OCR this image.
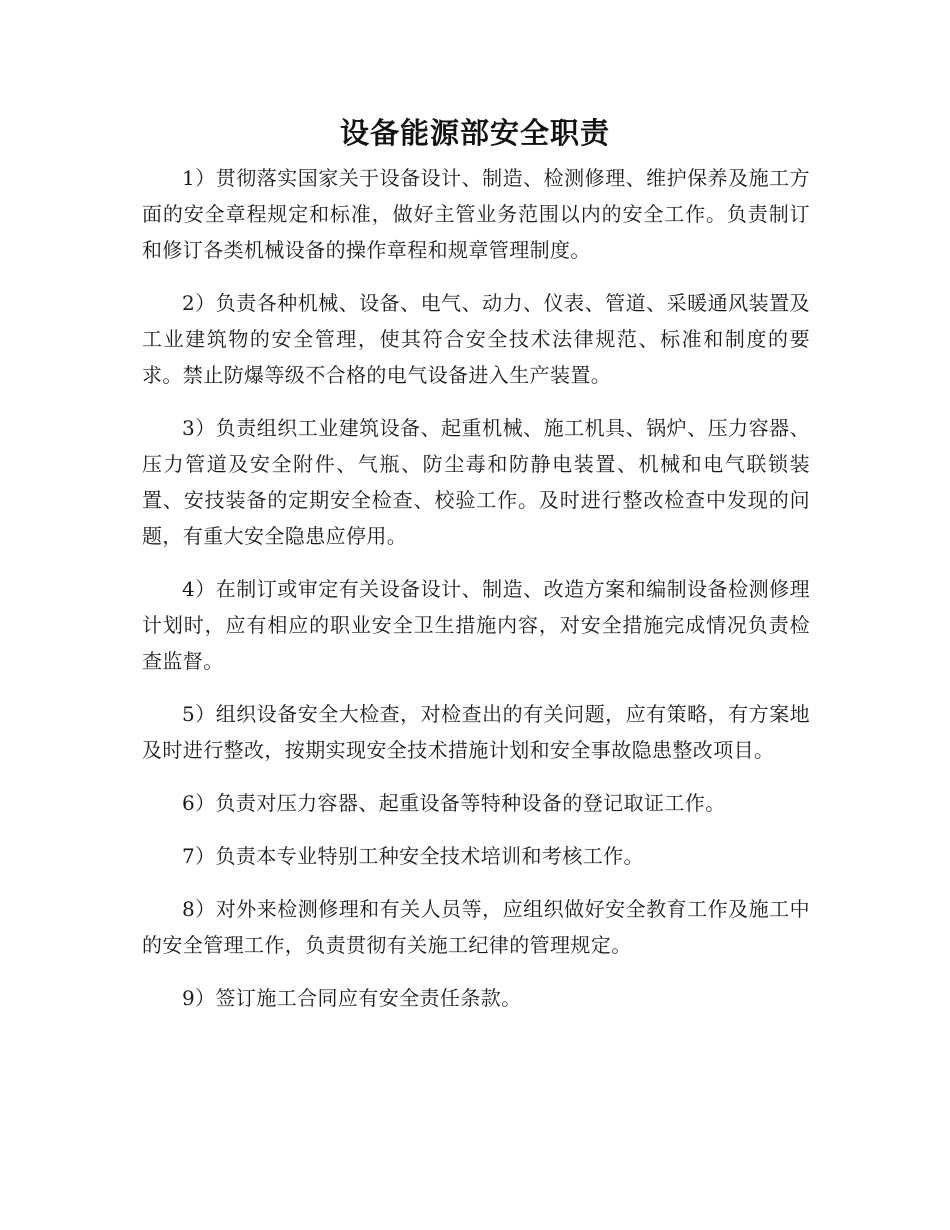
设备能源部安全职责

1）贯彻落实国家关于设备设计、制造、检测修理、维护保养及施工方面的安全章程规定和标准，做好主管业务范围以内的安全工作。负责制订和修订各类机械设备的操作章程和规章管理制度。

2）负责各种机械、设备、电气、动力、仪表、管道、采暖通风装置及工业建筑物的安全管理，使其符合安全技术法律规范、标准和制度的要求。禁止防爆等级不合格的电气设备进入生产装置。

3）负责组织工业建筑设备、起重机械、施工机具、锅炉、压力容器、压力管道及安全附件、气瓶、防尘毒和防静电装置、机械和电气联锁装置、安技装备的定期安全检查、校验工作。及时进行整改检查中发现的问题，有重大安全隐患应停用。

4）在制订或审定有关设备设计、制造、改造方案和编制设备检测修理计划时，应有相应的职业安全卫生措施内容，对安全措施完成情况负责检查监督。

5）组织设备安全大检查，对检查出的有关问题，应有策略，有方案地及时进行整改，按期实现安全技术措施计划和安全事故隐患整改项目。

6）负责对压力容器、起重设备等特种设备的登记取证工作。

7）负责本专业特别工种安全技术培训和考核工作。

8）对外来检测修理和有关人员等，应组织做好安全教育工作及施工中的安全管理工作，负责贯彻有关施工纪律的管理规定。

9）签订施工合同应有安全责任条款。
